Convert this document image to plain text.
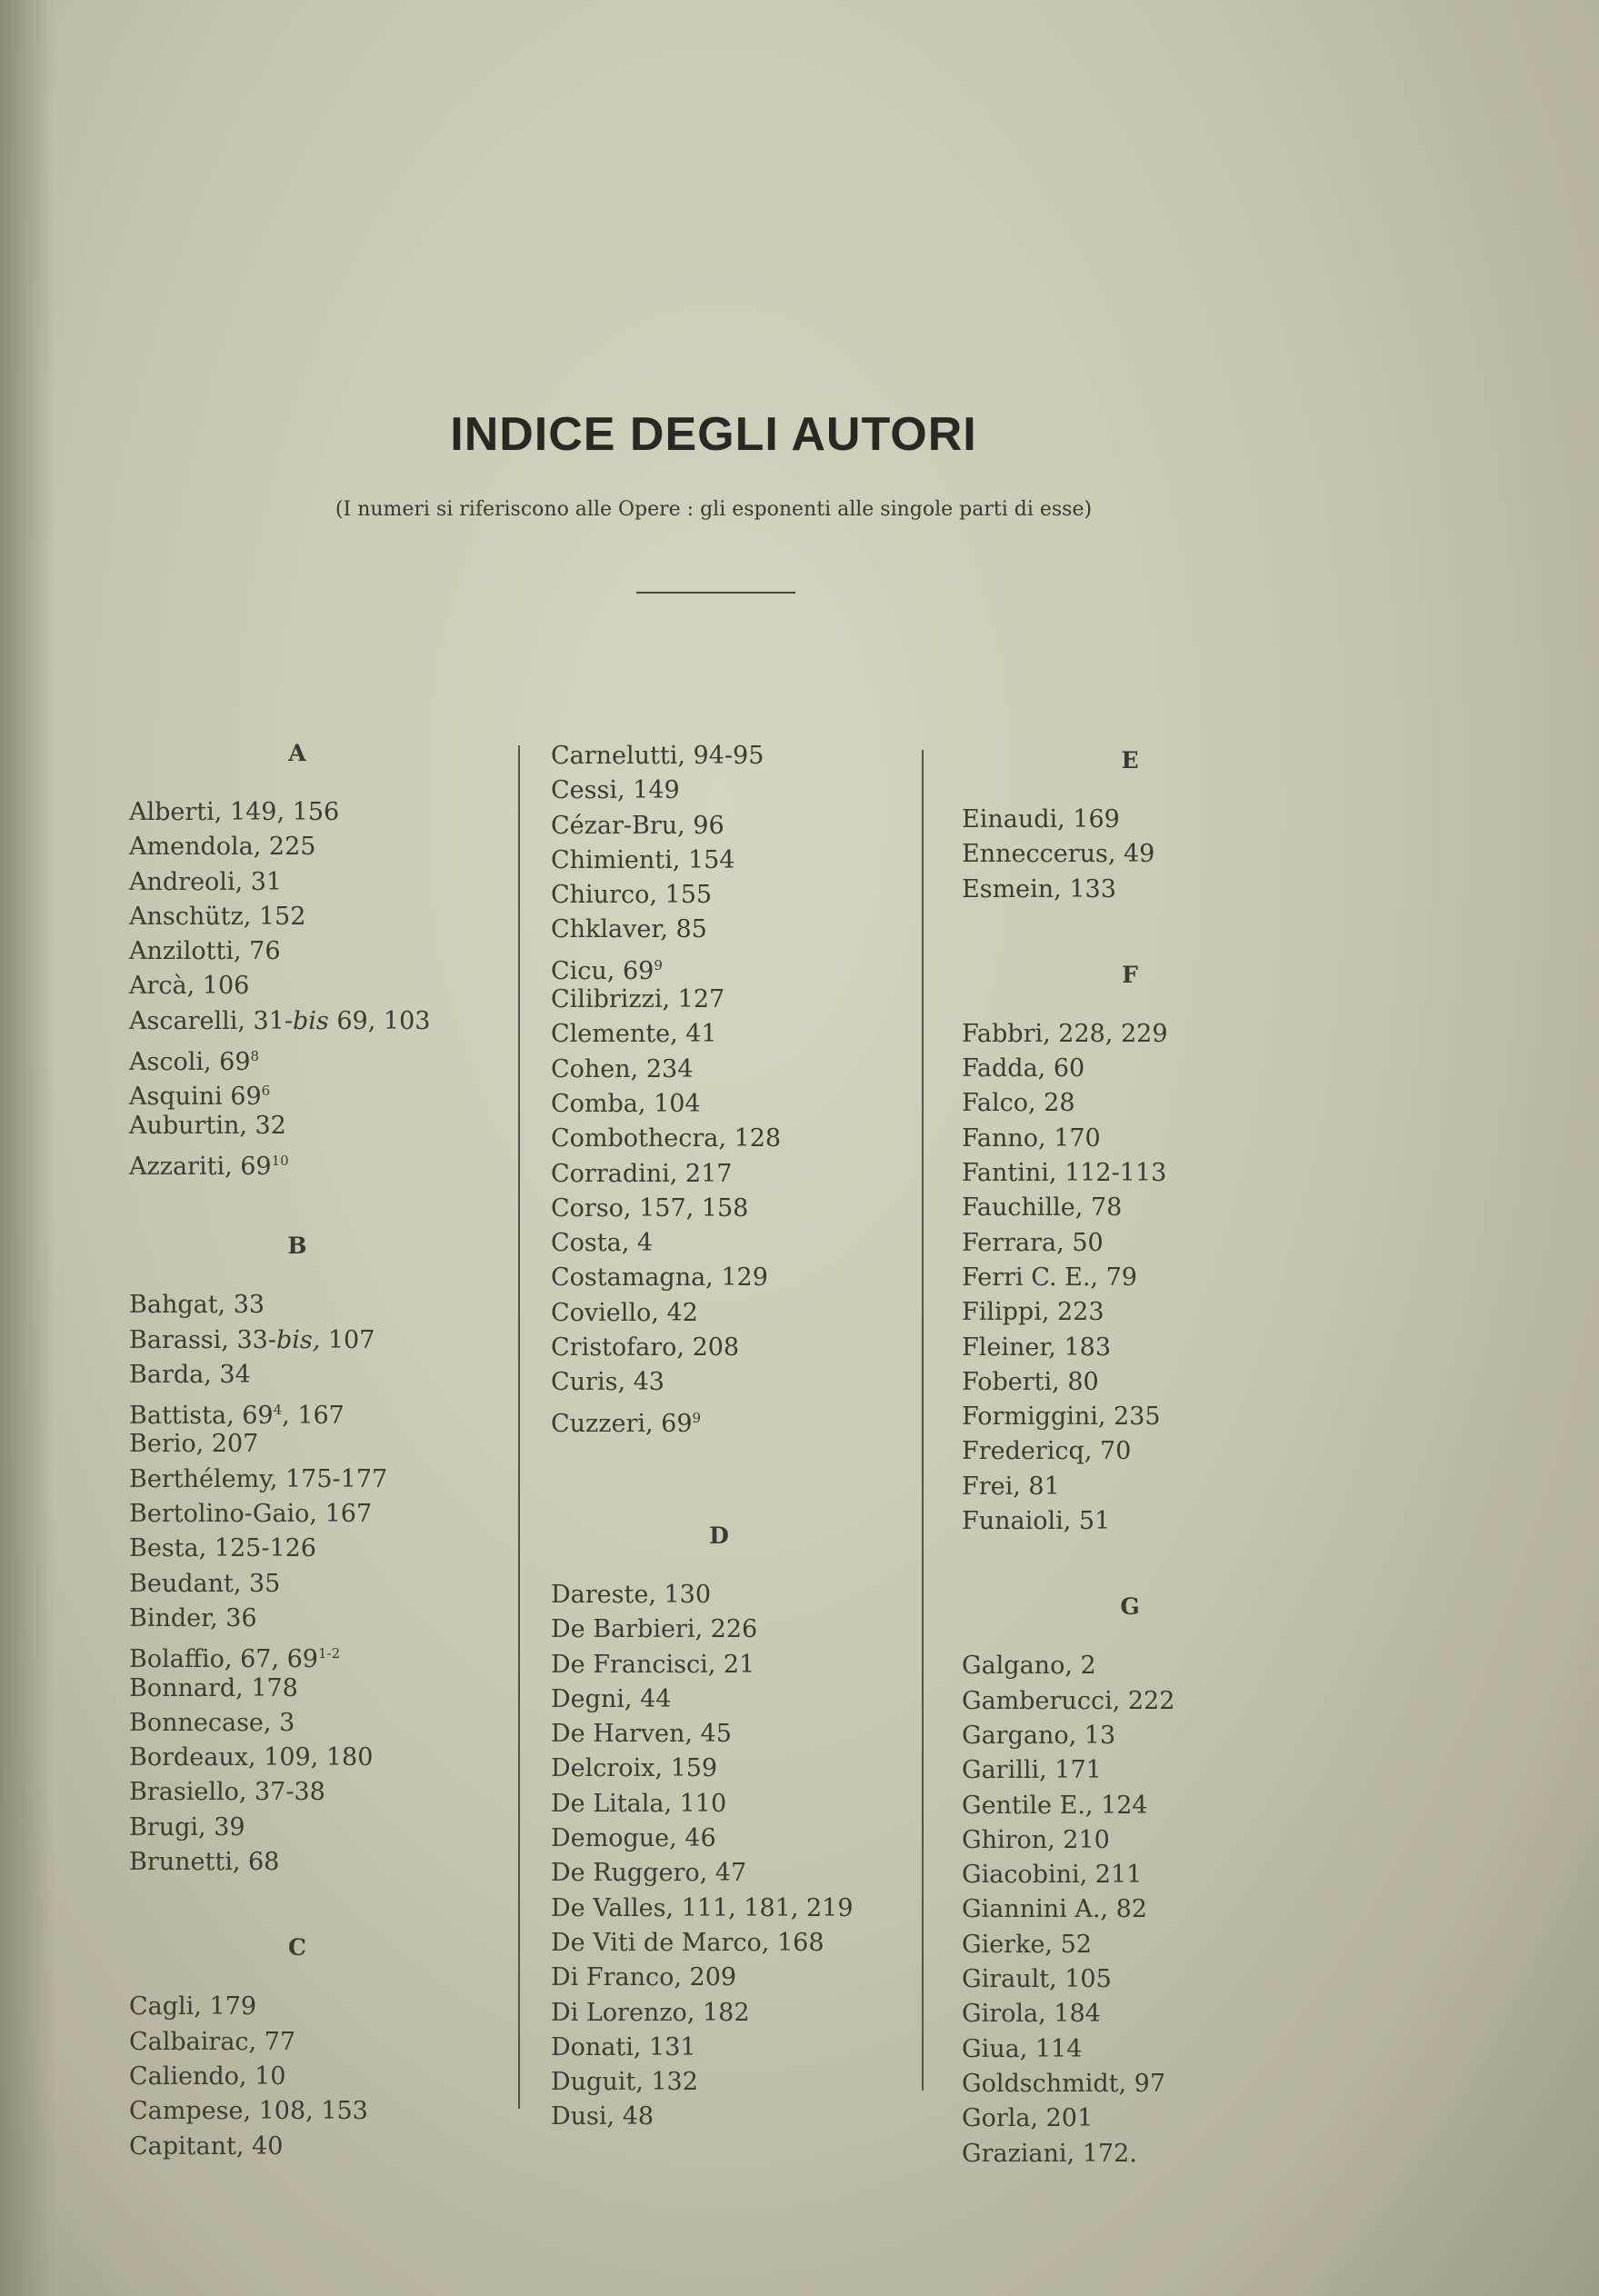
INDICE DEGLI AUTORI
(I numeri si riferiscono alle Opere : gli esponenti alle singole parti di esse)
A
Alberti, 149, 156
Amendola, 225
Andreoli, 31
Anschütz, 152
Anzilotti, 76
Arcà, 106
Ascarelli, 31-bis 69, 103
Ascoli, $69^8$
Asquini $69^6$
Auburtin, 32
Azzariti, $69^{10}$
B
Bahgat, 33
Barassi, 33-bis, 107
Barda, 34
Battista, $69^4$, 167
Berio, 207
Berthélemy, 175-177
Bertolino-Gaio, 167
Besta, 125-126
Beudant, 35
Binder, 36
Bolaffio, 67, 69$^{1-2}$
Bonnard, 178
Bonnecase, 3
Bordeaux, 109, 180
Brasiello, 37-38
Brugi, 39
Brunetti, 68
C
Cagli, 179
Calbairac, 77
Caliendo, 10
Campese, 108, 153
Capitant, 40
Carnelutti, 94-95
Cessi, 149
Cézar-Bru, 96
Chimienti, 154
Chiurco, 155
Chklaver, 85
Cicu, $69^9$
Cilibrizzi, 127
Clemente, 41
Cohen, 234
Comba, 104
Combothecra, 128
Corradini, 217
Corso, 157, 158
Costa, 4
Costamagna, 129
Coviello, 42
Cristofaro, 208
Curis, 43
Cuzzeri, $69^9$
D
Dareste, 130
De Barbieri, 226
De Francisci, 21
Degni, 44
De Harven, 45
Delcroix, 159
De Litala, 110
Demogue, 46
De Ruggero, 47
De Valles, 111, 181, 219
De Viti de Marco, 168
Di Franco, 209
Di Lorenzo, 182
Donati, 131
Duguit, 132
Dusi, 48
E
Einaudi, 169
Enneccerus, 49
Esmein, 133
F
Fabbri, 228, 229
Fadda, 60
Falco, 28
Fanno, 170
Fantini, 112-113
Fauchille, 78
Ferrara, 50
Ferri C. E., 79
Filippi, 223
Fleiner, 183
Foberti, 80
Formiggini, 235
Fredericq, 70
Frei, 81
Funaioli, 51
G
Galgano, 2
Gamberucci, 222
Gargano, 13
Garilli, 171
Gentile E., 124
Ghiron, 210
Giacobini, 211
Giannini A., 82
Gierke, 52
Girault, 105
Girola, 184
Giua, 114
Goldschmidt, 97
Gorla, 201
Graziani, 172.
